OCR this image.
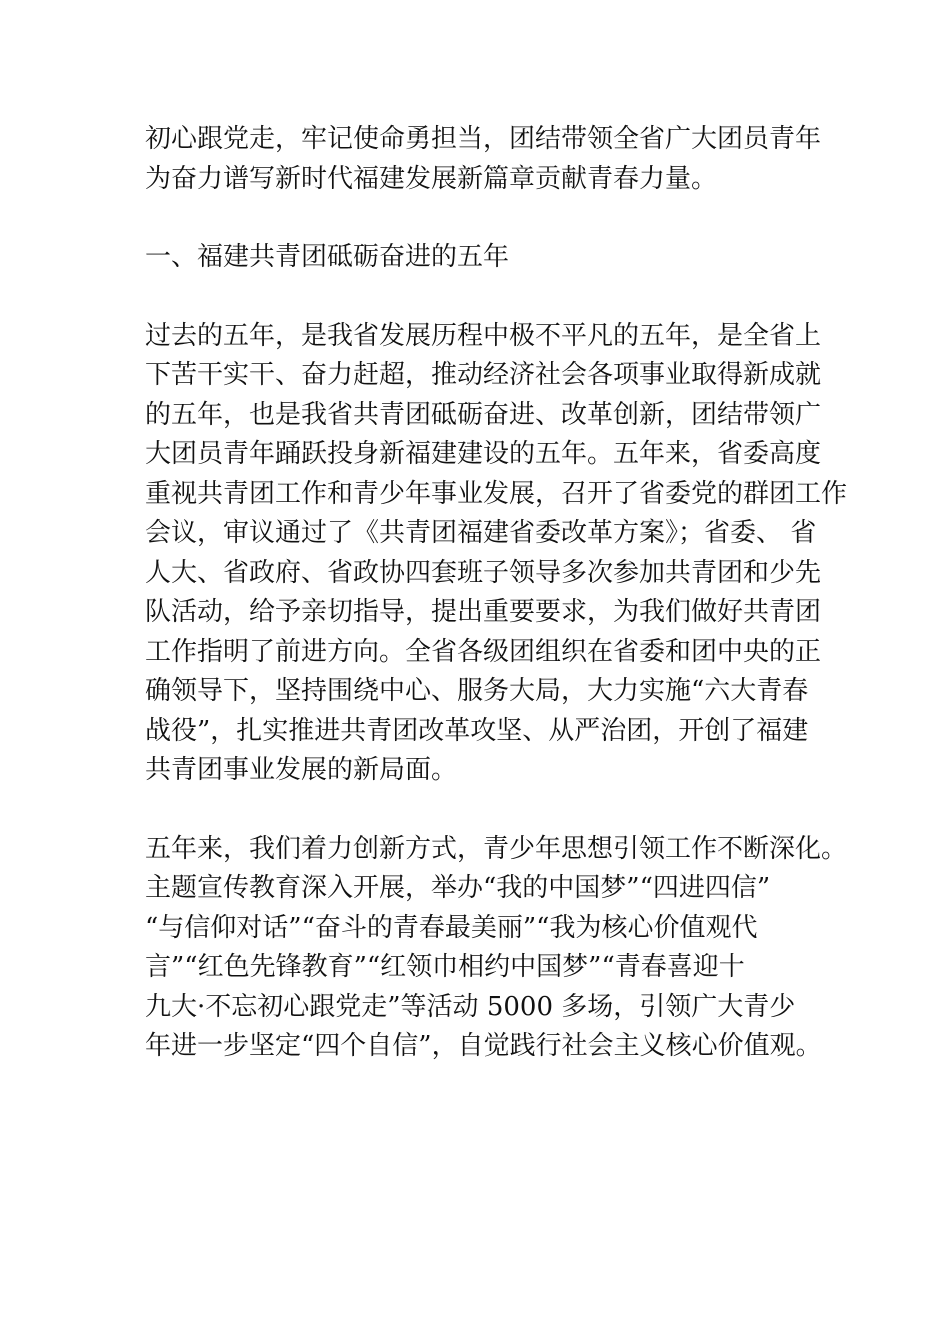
初心跟党走，牢记使命勇担当，团结带领全省广大团员青年
为奋力谱写新时代福建发展新篇章贡献青春力量。

一、福建共青团砥砺奋进的五年

过去的五年，是我省发展历程中极不平凡的五年，是全省上
下苦干实干、奋力赶超，推动经济社会各项事业取得新成就
的五年，也是我省共青团砥砺奋进、改革创新，团结带领广
大团员青年踊跃投身新福建建设的五年。五年来，省委高度
重视共青团工作和青少年事业发展，召开了省委党的群团工作
会议，审议通过了《共青团福建省委改革方案》；省委、 省
人大、省政府、省政协四套班子领导多次参加共青团和少先
队活动，给予亲切指导，提出重要要求，为我们做好共青团
工作指明了前进方向。全省各级团组织在省委和团中央的正
确领导下，坚持围绕中心、服务大局，大力实施“六大青春
战役”，扎实推进共青团改革攻坚、从严治团，开创了福建
共青团事业发展的新局面。

五年来，我们着力创新方式，青少年思想引领工作不断深化。
主题宣传教育深入开展，举办“我的中国梦”“四进四信”
“与信仰对话”“奋斗的青春最美丽”“我为核心价值观代
言”“红色先锋教育”“红领巾相约中国梦”“青春喜迎十
九大·不忘初心跟党走”等活动 5000 多场，引领广大青少
年进一步坚定“四个自信”，自觉践行社会主义核心价值观。
